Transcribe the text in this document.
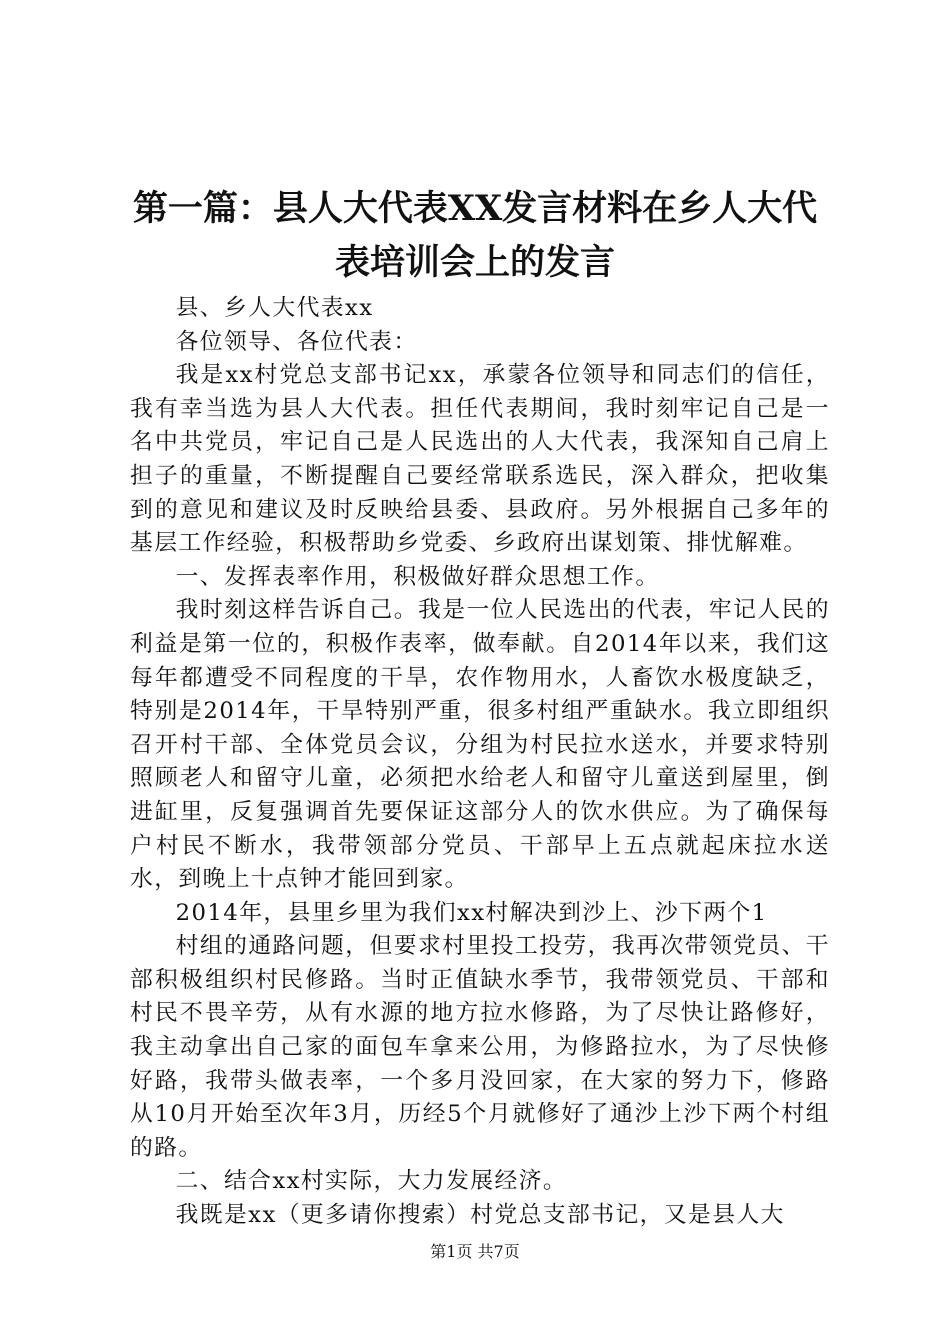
第一篇：县人大代表XX发言材料在乡人大代
表培训会上的发言

县、乡人大代表xx

各位领导、各位代表：

我是xx村党总支部书记xx，承蒙各位领导和同志们的信任，我有幸当选为县人大代表。担任代表期间，我时刻牢记自己是一名中共党员，牢记自己是人民选出的人大代表，我深知自己肩上担子的重量，不断提醒自己要经常联系选民，深入群众，把收集到的意见和建议及时反映给县委、县政府。另外根据自己多年的基层工作经验，积极帮助乡党委、乡政府出谋划策、排忧解难。

一、发挥表率作用，积极做好群众思想工作。

我时刻这样告诉自己。我是一位人民选出的代表，牢记人民的利益是第一位的，积极作表率，做奉献。自2014年以来，我们这每年都遭受不同程度的干旱，农作物用水，人畜饮水极度缺乏，特别是2014年，干旱特别严重，很多村组严重缺水。我立即组织召开村干部、全体党员会议，分组为村民拉水送水，并要求特别照顾老人和留守儿童，必须把水给老人和留守儿童送到屋里，倒进缸里，反复强调首先要保证这部分人的饮水供应。为了确保每户村民不断水，我带领部分党员、干部早上五点就起床拉水送水，到晚上十点钟才能回到家。

2014年，县里乡里为我们xx村解决到沙上、沙下两个1

村组的通路问题，但要求村里投工投劳，我再次带领党员、干部积极组织村民修路。当时正值缺水季节，我带领党员、干部和村民不畏辛劳，从有水源的地方拉水修路，为了尽快让路修好，我主动拿出自己家的面包车拿来公用，为修路拉水，为了尽快修好路，我带头做表率，一个多月没回家，在大家的努力下，修路从10月开始至次年3月，历经5个月就修好了通沙上沙下两个村组的路。

二、结合xx村实际，大力发展经济。

我既是xx（更多请你搜索）村党总支部书记，又是县人大

第1页 共7页
